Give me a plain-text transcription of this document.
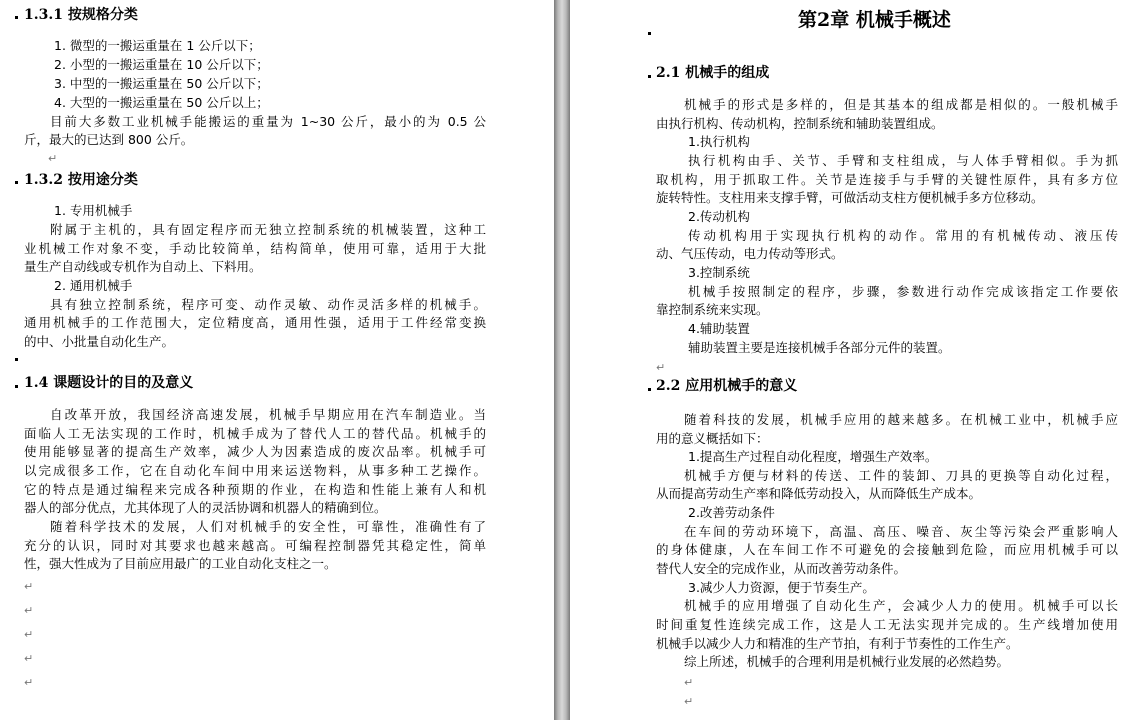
1.3.1 按规格分类
1. 微型的一搬运重量在 1 公斤以下；
2. 小型的一搬运重量在 10 公斤以下；
3. 中型的一搬运重量在 50 公斤以下；
4. 大型的一搬运重量在 50 公斤以上；
目前大多数工业机械手能搬运的重量为 1~30 公斤，最小的为 0.5 公
斤，最大的已达到 800 公斤。
↵
1.3.2 按用途分类
1. 专用机械手
附属于主机的，具有固定程序而无独立控制系统的机械装置，这种工
业机械工作对象不变，手动比较简单，结构简单，使用可靠，适用于大批
量生产自动线或专机作为自动上、下料用。
2. 通用机械手
具有独立控制系统，程序可变、动作灵敏、动作灵活多样的机械手。
通用机械手的工作范围大，定位精度高，通用性强，适用于工件经常变换
的中、小批量自动化生产。
1.4 课题设计的目的及意义
自改革开放，我国经济高速发展，机械手早期应用在汽车制造业。当
面临人工无法实现的工作时，机械手成为了替代人工的替代品。机械手的
使用能够显著的提高生产效率，减少人为因素造成的废次品率。机械手可
以完成很多工作，它在自动化车间中用来运送物料，从事多种工艺操作。
它的特点是通过编程来完成各种预期的作业，在构造和性能上兼有人和机
器人的部分优点，尤其体现了人的灵活协调和机器人的精确到位。
随着科学技术的发展，人们对机械手的安全性，可靠性，准确性有了
充分的认识，同时对其要求也越来越高。可编程控制器凭其稳定性，简单
性，强大性成为了目前应用最广的工业自动化支柱之一。
↵
↵
↵
↵
↵
第2章 机械手概述
2.1 机械手的组成
机械手的形式是多样的，但是其基本的组成都是相似的。一般机械手
由执行机构、传动机构，控制系统和辅助装置组成。
1.执行机构
执行机构由手、关节、手臂和支柱组成，与人体手臂相似。手为抓
取机构，用于抓取工件。关节是连接手与手臂的关键性原件，具有多方位
旋转特性。支柱用来支撑手臂，可做活动支柱方便机械手多方位移动。
2.传动机构
传动机构用于实现执行机构的动作。常用的有机械传动、液压传
动、气压传动，电力传动等形式。
3.控制系统
机械手按照制定的程序，步骤，参数进行动作完成该指定工作要依
靠控制系统来实现。
4.辅助装置
辅助装置主要是连接机械手各部分元件的装置。
↵
2.2 应用机械手的意义
随着科技的发展，机械手应用的越来越多。在机械工业中，机械手应
用的意义概括如下：
1.提高生产过程自动化程度，增强生产效率。
机械手方便与材料的传送、工件的装卸、刀具的更换等自动化过程，
从而提高劳动生产率和降低劳动投入，从而降低生产成本。
2.改善劳动条件
在车间的劳动环境下，高温、高压、噪音、灰尘等污染会严重影响人
的身体健康，人在车间工作不可避免的会接触到危险，而应用机械手可以
替代人安全的完成作业，从而改善劳动条件。
3.减少人力资源，便于节奏生产。
机械手的应用增强了自动化生产，会减少人力的使用。机械手可以长
时间重复性连续完成工作，这是人工无法实现并完成的。生产线增加使用
机械手以减少人力和精准的生产节拍，有利于节奏性的工作生产。
综上所述，机械手的合理利用是机械行业发展的必然趋势。
↵
↵
